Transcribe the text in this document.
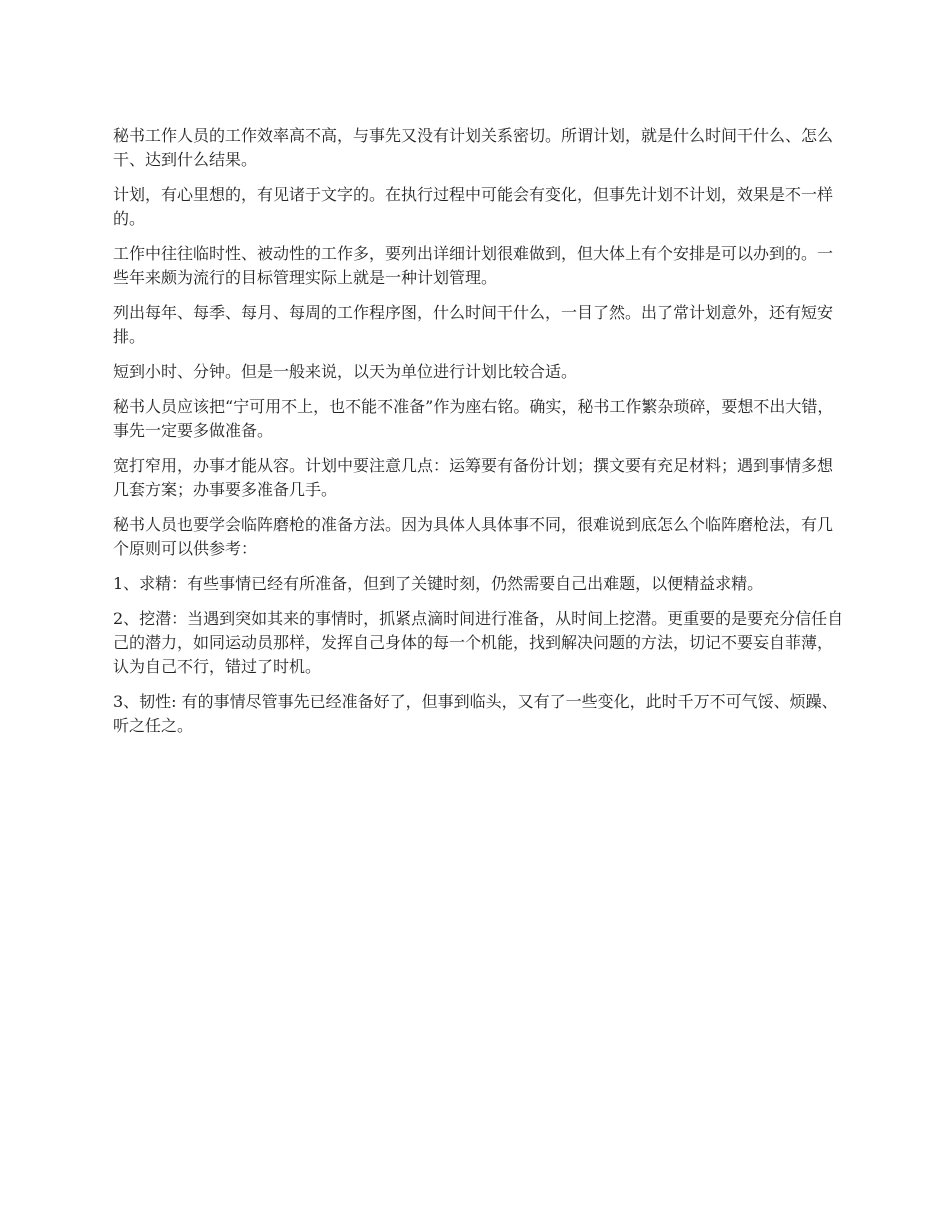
秘书工作人员的工作效率高不高，与事先又没有计划关系密切。所谓计划，就是什么时间干什么、怎么干、达到什么结果。

计划，有心里想的，有见诸于文字的。在执行过程中可能会有变化，但事先计划不计划，效果是不一样的。

工作中往往临时性、被动性的工作多，要列出详细计划很难做到，但大体上有个安排是可以办到的。一些年来颇为流行的目标管理实际上就是一种计划管理。

列出每年、每季、每月、每周的工作程序图，什么时间干什么，一目了然。出了常计划意外，还有短安排。

短到小时、分钟。但是一般来说，以天为单位进行计划比较合适。

秘书人员应该把“宁可用不上，也不能不准备”作为座右铭。确实，秘书工作繁杂琐碎，要想不出大错，事先一定要多做准备。

宽打窄用，办事才能从容。计划中要注意几点：运筹要有备份计划；撰文要有充足材料；遇到事情多想几套方案；办事要多准备几手。

秘书人员也要学会临阵磨枪的准备方法。因为具体人具体事不同，很难说到底怎么个临阵磨枪法，有几个原则可以供参考：

1、求精：有些事情已经有所准备，但到了关键时刻，仍然需要自己出难题，以便精益求精。

2、挖潜：当遇到突如其来的事情时，抓紧点滴时间进行准备，从时间上挖潜。更重要的是要充分信任自己的潜力，如同运动员那样，发挥自己身体的每一个机能，找到解决问题的方法，切记不要妄自菲薄，认为自己不行，错过了时机。

3、韧性: 有的事情尽管事先已经准备好了，但事到临头，又有了一些变化，此时千万不可气馁、烦躁、听之任之。
